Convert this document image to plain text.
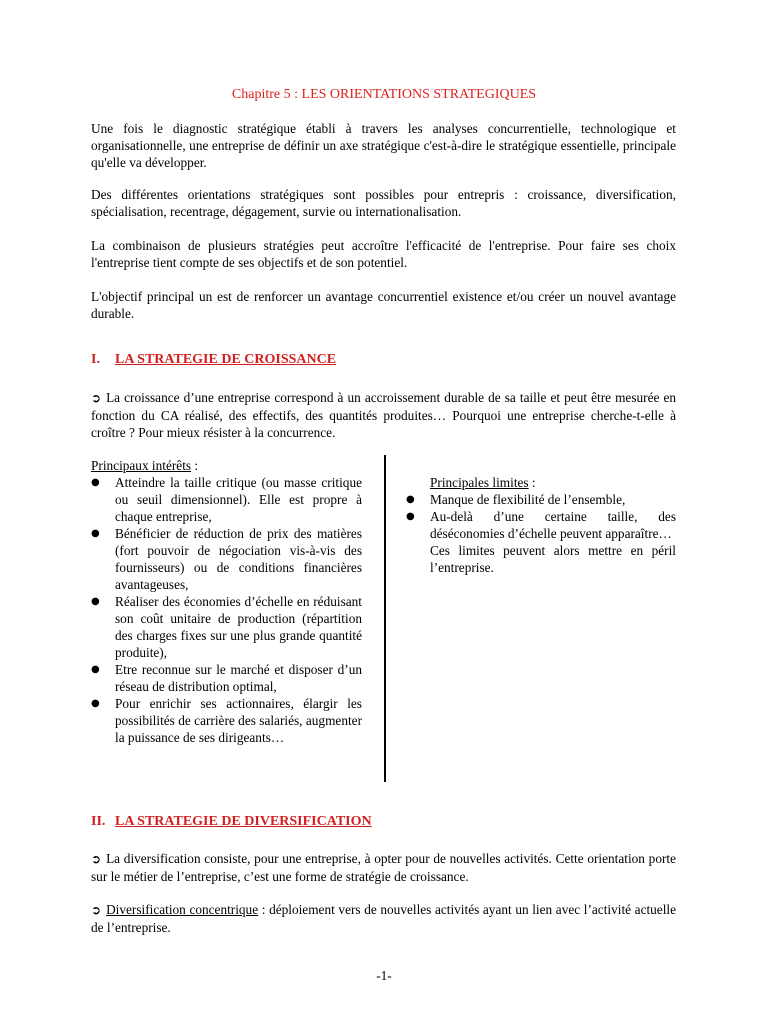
Chapitre 5 : LES ORIENTATIONS STRATEGIQUES

Une fois le diagnostic stratégique établi à travers les analyses concurrentielle, technologique et organisationnelle, une entreprise de définir un axe stratégique c'est-à-dire le stratégique essentielle, principale qu'elle va développer.

Des différentes orientations stratégiques sont possibles pour entrepris : croissance, diversification, spécialisation, recentrage, dégagement, survie ou internationalisation.

La combinaison de plusieurs stratégies peut accroître l'efficacité de l'entreprise. Pour faire ses choix l'entreprise tient compte de ses objectifs et de son potentiel.

L'objectif principal un est de renforcer un avantage concurrentiel existence et/ou créer un nouvel avantage durable.

I. LA STRATEGIE DE CROISSANCE

➲ La croissance d’une entreprise correspond à un accroissement durable de sa taille et peut être mesurée en fonction du CA réalisé, des effectifs, des quantités produites… Pourquoi une entreprise cherche-t-elle à croître ? Pour mieux résister à la concurrence.

Principaux intérêts :
● Atteindre la taille critique (ou masse critique ou seuil dimensionnel). Elle est propre à chaque entreprise,
● Bénéficier de réduction de prix des matières (fort pouvoir de négociation vis-à-vis des fournisseurs) ou de conditions financières avantageuses,
● Réaliser des économies d’échelle en réduisant son coût unitaire de production (répartition des charges fixes sur une plus grande quantité produite),
● Etre reconnue sur le marché et disposer d’un réseau de distribution optimal,
● Pour enrichir ses actionnaires, élargir les possibilités de carrière des salariés, augmenter la puissance de ses dirigeants…
Principales limites :
● Manque de flexibilité de l’ensemble,
● Au-delà d’une certaine taille, des déséconomies d’échelle peuvent apparaître…
Ces limites peuvent alors mettre en péril l’entreprise.
II. LA STRATEGIE DE DIVERSIFICATION

➲ La diversification consiste, pour une entreprise, à opter pour de nouvelles activités. Cette orientation porte sur le métier de l’entreprise, c’est une forme de stratégie de croissance.

➲ Diversification concentrique : déploiement vers de nouvelles activités ayant un lien avec l’activité actuelle de l’entreprise.

-1-
